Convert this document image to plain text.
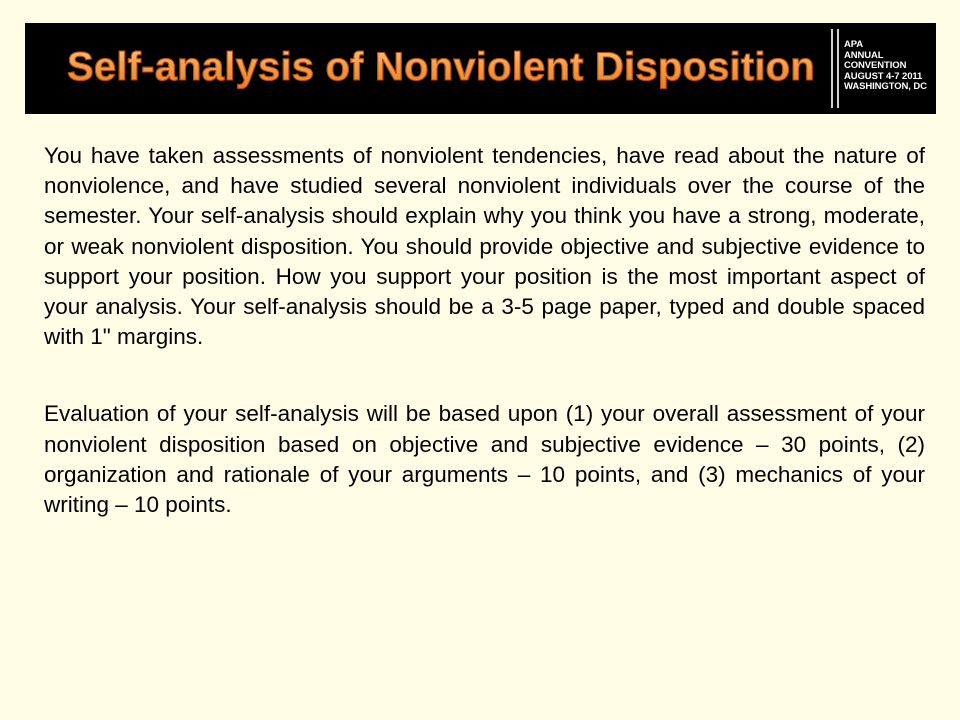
Self-analysis of Nonviolent Disposition
APA
ANNUAL
CONVENTION
AUGUST 4-7 2011
WASHINGTON, DC

You have taken assessments of nonviolent tendencies, have read about the nature of nonviolence, and have studied several nonviolent individuals over the course of the semester. Your self-analysis should explain why you think you have a strong, moderate, or weak nonviolent disposition. You should provide objective and subjective evidence to support your position. How you support your position is the most important aspect of your analysis. Your self-analysis should be a 3-5 page paper, typed and double spaced with 1" margins.

Evaluation of your self-analysis will be based upon (1) your overall assessment of your nonviolent disposition based on objective and subjective evidence – 30 points, (2) organization and rationale of your arguments – 10 points, and (3) mechanics of your writing – 10 points.
